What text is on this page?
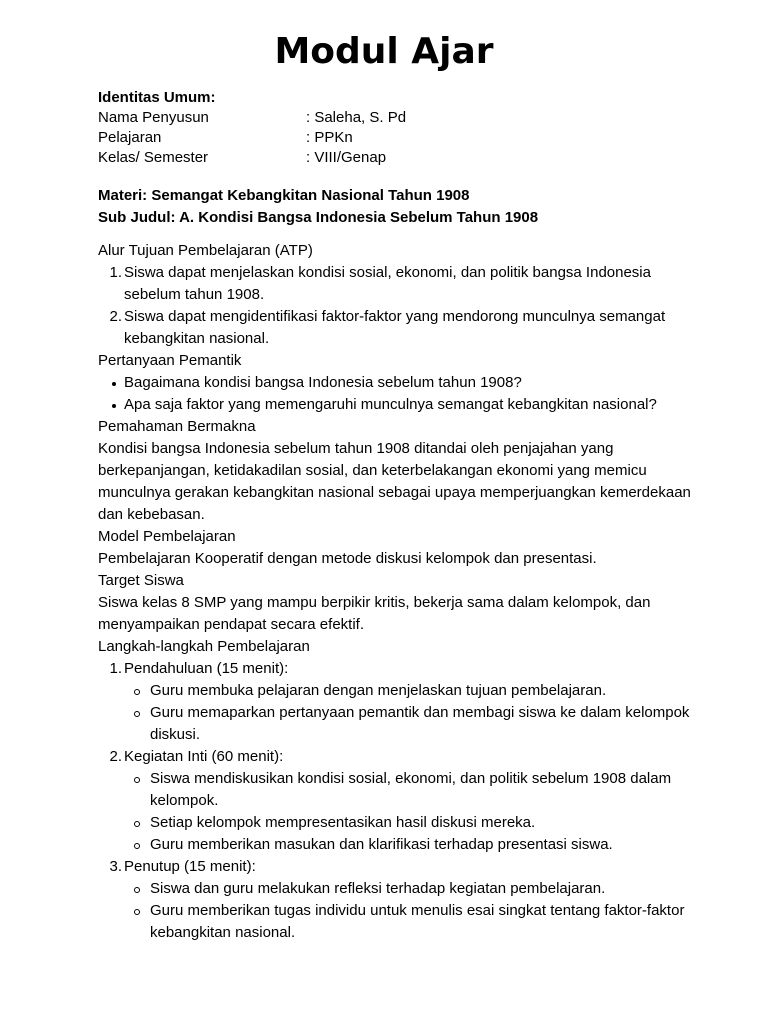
Modul Ajar
Identitas Umum:
Nama Penyusun	: Saleha, S. Pd
Pelajaran	: PPKn
Kelas/ Semester	: VIII/Genap
Materi: Semangat Kebangkitan Nasional Tahun 1908
Sub Judul: A. Kondisi Bangsa Indonesia Sebelum Tahun 1908
Alur Tujuan Pembelajaran (ATP)
1. Siswa dapat menjelaskan kondisi sosial, ekonomi, dan politik bangsa Indonesia sebelum tahun 1908.
2. Siswa dapat mengidentifikasi faktor-faktor yang mendorong munculnya semangat kebangkitan nasional.
Pertanyaan Pemantik
Bagaimana kondisi bangsa Indonesia sebelum tahun 1908?
Apa saja faktor yang memengaruhi munculnya semangat kebangkitan nasional?
Pemahaman Bermakna
Kondisi bangsa Indonesia sebelum tahun 1908 ditandai oleh penjajahan yang berkepanjangan, ketidakadilan sosial, dan keterbelakangan ekonomi yang memicu munculnya gerakan kebangkitan nasional sebagai upaya memperjuangkan kemerdekaan dan kebebasan.
Model Pembelajaran
Pembelajaran Kooperatif dengan metode diskusi kelompok dan presentasi.
Target Siswa
Siswa kelas 8 SMP yang mampu berpikir kritis, bekerja sama dalam kelompok, dan menyampaikan pendapat secara efektif.
Langkah-langkah Pembelajaran
1. Pendahuluan (15 menit):
Guru membuka pelajaran dengan menjelaskan tujuan pembelajaran.
Guru memaparkan pertanyaan pemantik dan membagi siswa ke dalam kelompok diskusi.
2. Kegiatan Inti (60 menit):
Siswa mendiskusikan kondisi sosial, ekonomi, dan politik sebelum 1908 dalam kelompok.
Setiap kelompok mempresentasikan hasil diskusi mereka.
Guru memberikan masukan dan klarifikasi terhadap presentasi siswa.
3. Penutup (15 menit):
Siswa dan guru melakukan refleksi terhadap kegiatan pembelajaran.
Guru memberikan tugas individu untuk menulis esai singkat tentang faktor-faktor kebangkitan nasional.
